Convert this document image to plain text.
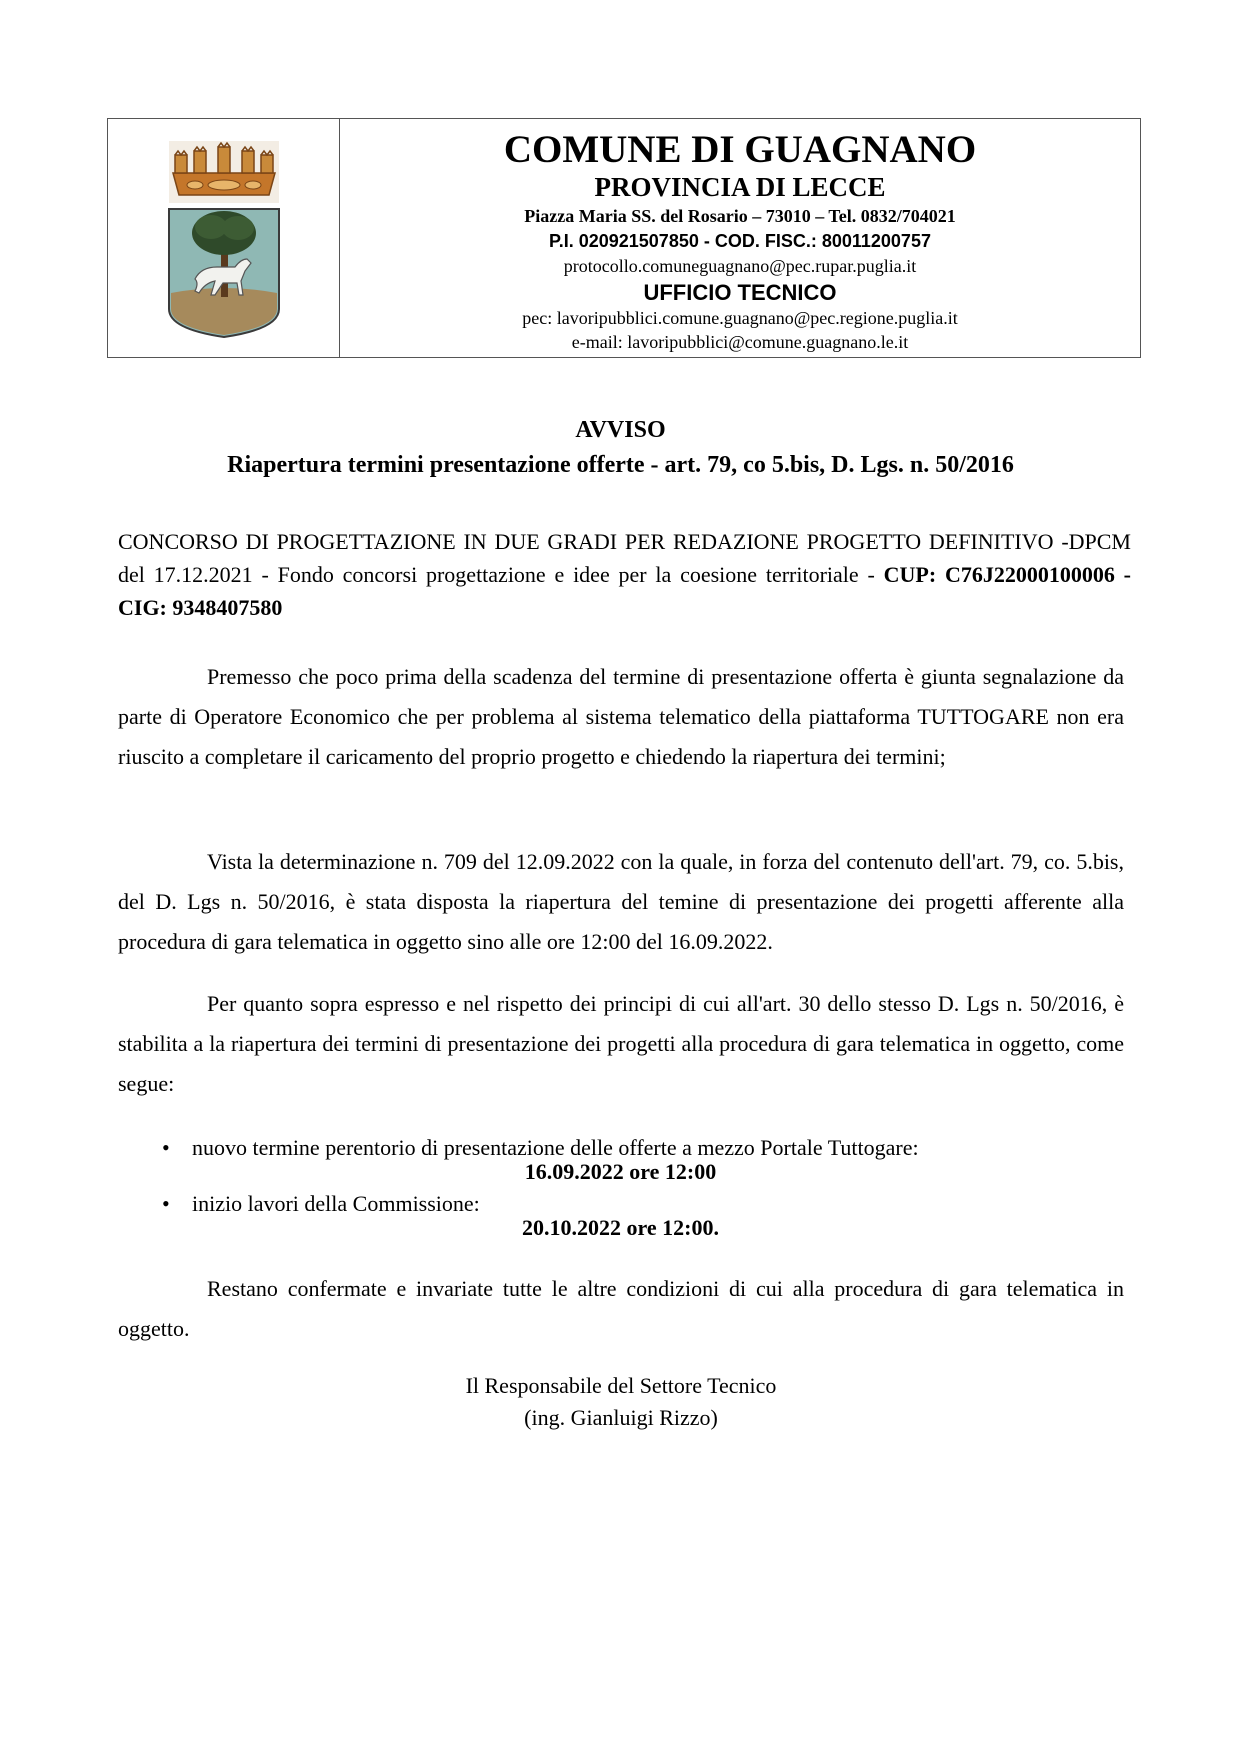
COMUNE DI GUAGNANO
PROVINCIA DI LECCE
Piazza Maria SS. del Rosario – 73010 – Tel. 0832/704021
P.I. 020921507850 - COD. FISC.: 80011200757
protocollo.comuneguagnano@pec.rupar.puglia.it
UFFICIO TECNICO
pec: lavoripubblici.comune.guagnano@pec.regione.puglia.it
e-mail: lavoripubblici@comune.guagnano.le.it
AVVISO
Riapertura termini presentazione offerte - art. 79, co 5.bis, D. Lgs. n. 50/2016
CONCORSO DI PROGETTAZIONE IN DUE GRADI PER REDAZIONE PROGETTO DEFINITIVO -DPCM del 17.12.2021 - Fondo concorsi progettazione e idee per la coesione territoriale - CUP: C76J22000100006 - CIG: 9348407580
Premesso che poco prima della scadenza del termine di presentazione offerta è giunta segnalazione da parte di Operatore Economico che per problema al sistema telematico della piattaforma TUTTOGARE non era riuscito a completare il caricamento del proprio progetto e chiedendo la riapertura dei termini;
Vista la determinazione n. 709 del 12.09.2022 con la quale, in forza del contenuto dell'art. 79, co. 5.bis, del D. Lgs n. 50/2016, è stata disposta la riapertura del temine di presentazione dei progetti afferente alla procedura di gara telematica in oggetto sino alle ore 12:00 del 16.09.2022.
Per quanto sopra espresso e nel rispetto dei principi di cui all'art. 30 dello stesso D. Lgs n. 50/2016, è stabilita a la riapertura dei termini di presentazione dei progetti alla procedura di gara telematica in oggetto, come segue:
• nuovo termine perentorio di presentazione delle offerte a mezzo Portale Tuttogare:
16.09.2022 ore 12:00
• inizio lavori della Commissione:
20.10.2022 ore 12:00.
Restano confermate e invariate tutte le altre condizioni di cui alla procedura di gara telematica in oggetto.
Il Responsabile del Settore Tecnico
(ing. Gianluigi Rizzo)
